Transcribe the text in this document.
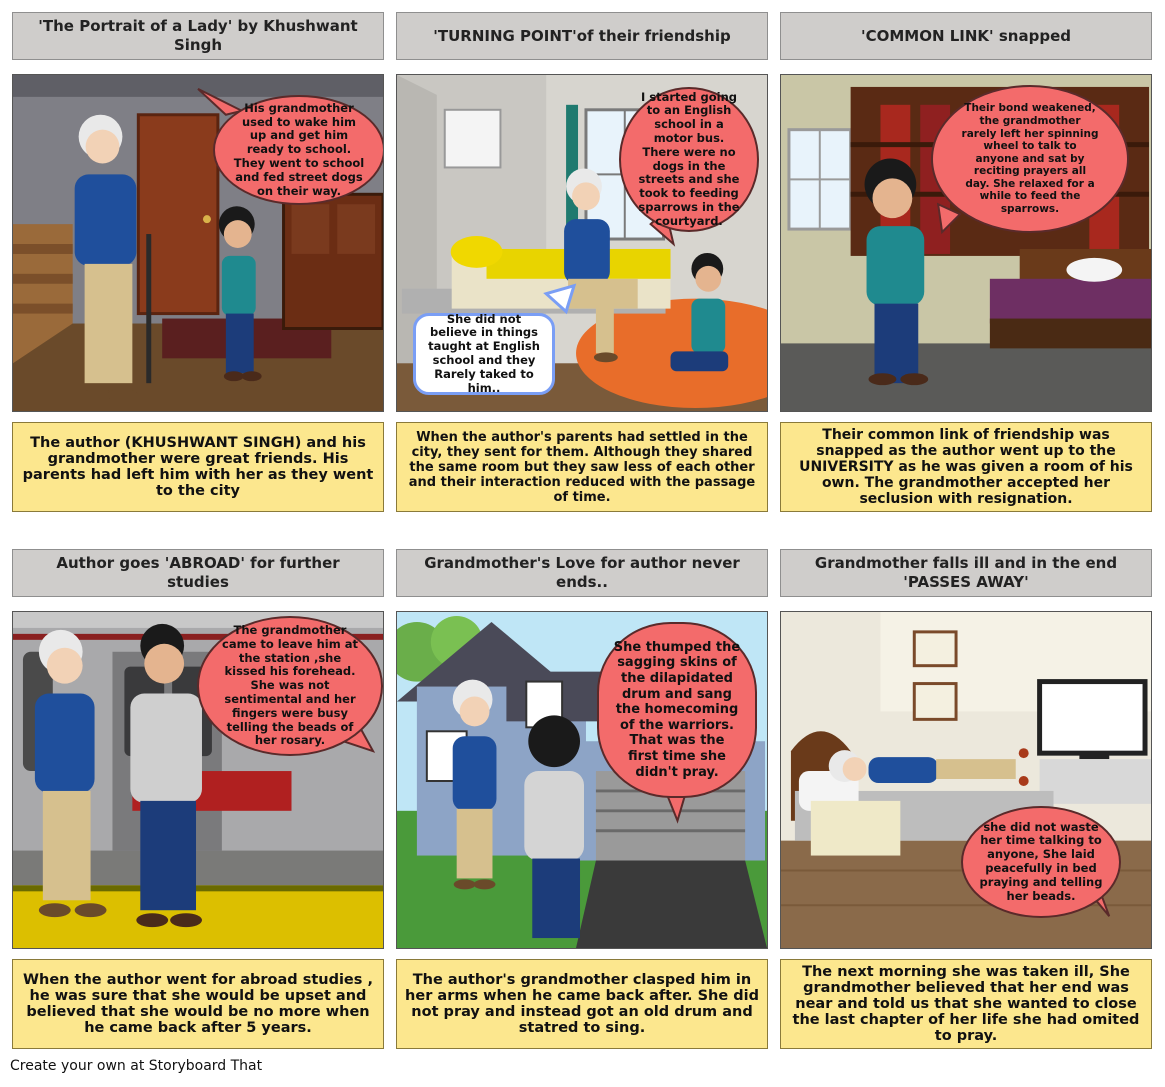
'The Portrait of a Lady' by Khushwant Singh
'TURNING POINT'of their friendship	'COMMON LINK' snapped
His grandmother used to wake him up and get him ready to school. They went to school and fed street dogs on their way.
I started going to an English school in a motor bus. There were no dogs in the streets and she took to feeding sparrows in the courtyard.
She did not believe in things taught at English school and they Rarely taked to him..
Their bond weakened, the grandmother rarely left her spinning wheel to talk to anyone and sat by reciting prayers all day. She relaxed for a while to feed the sparrows.
The author (KHUSHWANT SINGH) and his grandmother were great friends. His parents had left him with her as they went to the city
When the author's parents had settled in the city, they sent for them. Although they shared the same room but they saw less of each other and their interaction reduced with the passage of time.
Their common link of friendship was snapped as the author went up to the UNIVERSITY as he was given a room of his own. The grandmother accepted her seclusion with resignation.
Author goes 'ABROAD' for further studies
Grandmother's Love for author never ends..
Grandmother falls ill and in the end 'PASSES AWAY'
The grandmother came to leave him at the station ,she kissed his forehead. She was not sentimental and her fingers were busy telling the beads of her rosary.
She thumped the sagging skins of the dilapidated drum and sang the homecoming of the warriors. That was the first time she didn't pray.
she did not waste her time talking to anyone, She laid peacefully in bed praying and telling her beads.
When the author went for abroad studies , he was sure that she would be upset and believed that she would be no more when he came back after 5 years.
The author's grandmother clasped him in her arms when he came back after. She did not pray and instead got an old drum and statred to sing.
The next morning she was taken ill, She grandmother believed that her end was near and told us that she wanted to close the last chapter of her life she had omited to pray.
Create your own at Storyboard That
